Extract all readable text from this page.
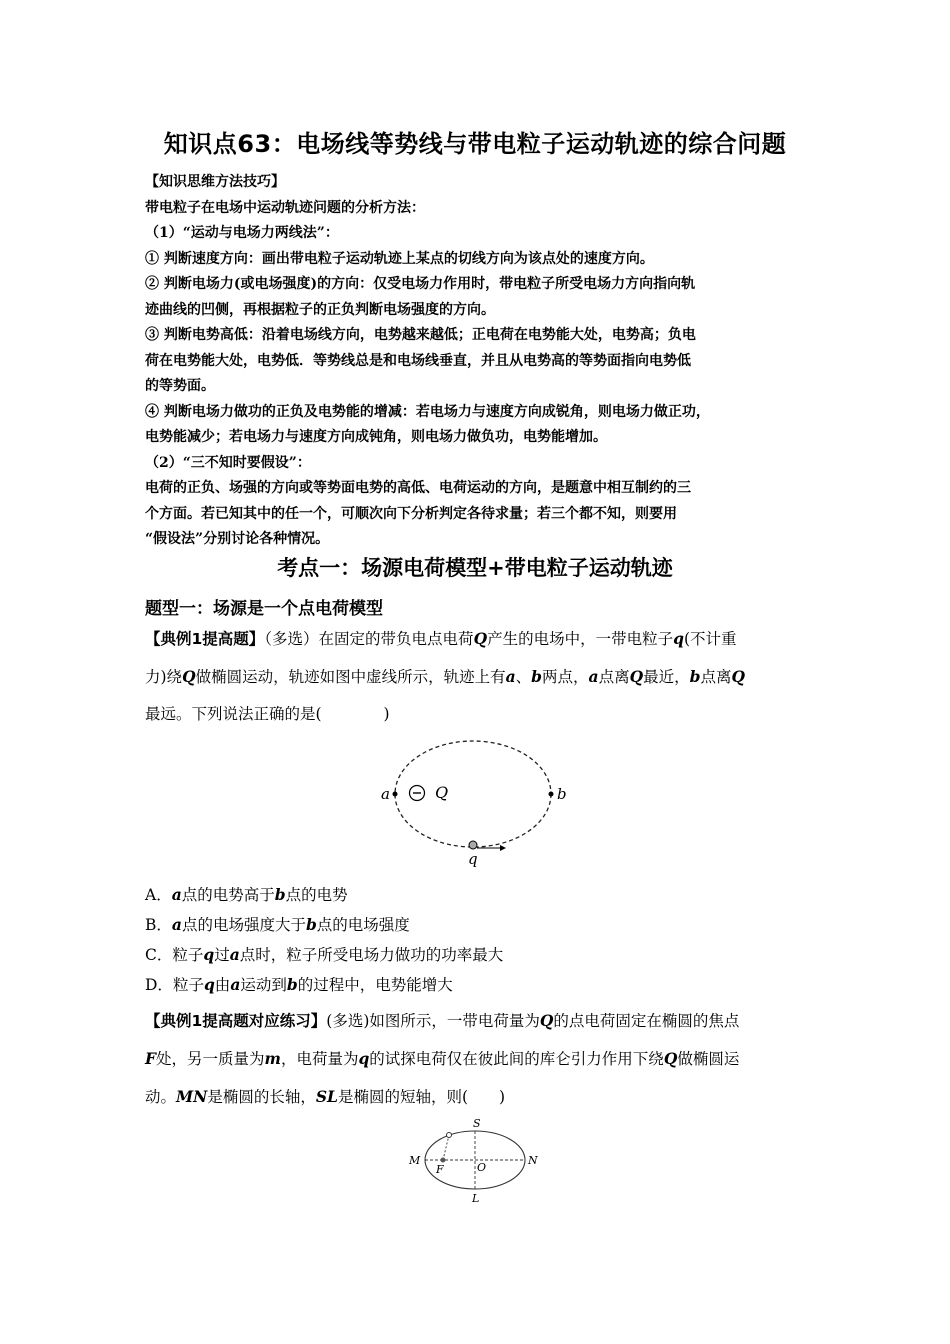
知识点63：电场线等势线与带电粒子运动轨迹的综合问题

【知识思维方法技巧】

带电粒子在电场中运动轨迹问题的分析方法：

（1）“运动与电场力两线法”：

① 判断速度方向：画出带电粒子运动轨迹上某点的切线方向为该点处的速度方向。

② 判断电场力(或电场强度)的方向：仅受电场力作用时，带电粒子所受电场力方向指向轨

迹曲线的凹侧，再根据粒子的正负判断电场强度的方向。

③ 判断电势高低：沿着电场线方向，电势越来越低；正电荷在电势能大处，电势高；负电

荷在电势能大处，电势低．等势线总是和电场线垂直，并且从电势高的等势面指向电势低

的等势面。

④ 判断电场力做功的正负及电势能的增减：若电场力与速度方向成锐角，则电场力做正功，

电势能减少；若电场力与速度方向成钝角，则电场力做负功，电势能增加。

（2）“三不知时要假设”：

电荷的正负、场强的方向或等势面电势的高低、电荷运动的方向，是题意中相互制约的三

个方面。若已知其中的任一个，可顺次向下分析判定各待求量；若三个都不知，则要用

“假设法”分别讨论各种情况。

考点一：场源电荷模型+带电粒子运动轨迹
题型一：场源是一个点电荷模型

【典例1提高题】（多选）在固定的带负电点电荷Q产生的电场中，一带电粒子q(不计重

力)绕Q做椭圆运动，轨迹如图中虚线所示，轨迹上有a、b两点，a点离Q最近，b点离Q

最远。下列说法正确的是(　　　　)

a	b
Q
q

A．a点的电势高于b点的电势

B．a点的电场强度大于b点的电场强度

C．粒子q过a点时，粒子所受电场力做功的功率最大

D．粒子q由a运动到b的过程中，电势能增大

【典例1提高题对应练习】(多选)如图所示，一带电荷量为Q的点电荷固定在椭圆的焦点

F处，另一质量为m，电荷量为q的试探电荷仅在彼此间的库仑引力作用下绕Q做椭圆运

动。MN是椭圆的长轴，SL是椭圆的短轴，则(　　)

S
M	N
L
F	O
